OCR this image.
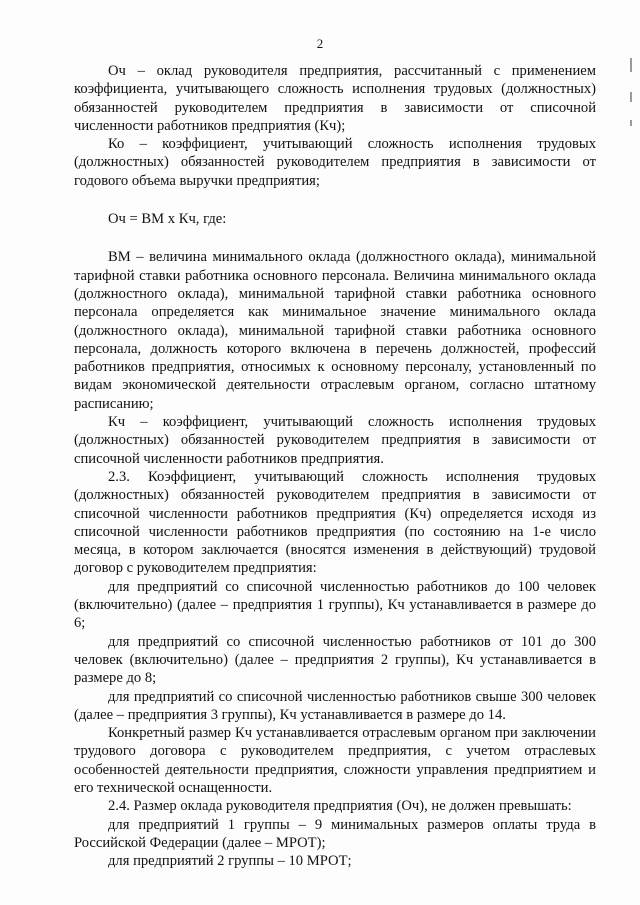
2

Оч – оклад руководителя предприятия, рассчитанный с применением коэффициента, учитывающего сложность исполнения трудовых (должностных) обязанностей руководителем предприятия в зависимости от списочной численности работников предприятия (Кч);

Ко – коэффициент, учитывающий сложность исполнения трудовых (должностных) обязанностей руководителем предприятия в зависимости от годового объема выручки предприятия;

Оч = ВМ х Кч, где:

ВМ – величина минимального оклада (должностного оклада), минимальной тарифной ставки работника основного персонала. Величина минимального оклада (должностного оклада), минимальной тарифной ставки работника основного персонала определяется как минимальное значение минимального оклада (должностного оклада), минимальной тарифной ставки работника основного персонала, должность которого включена в перечень должностей, профессий работников предприятия, относимых к основному персоналу, установленный по видам экономической деятельности отраслевым органом, согласно штатному расписанию;

Кч – коэффициент, учитывающий сложность исполнения трудовых (должностных) обязанностей руководителем предприятия в зависимости от списочной численности работников предприятия.

2.3. Коэффициент, учитывающий сложность исполнения трудовых (должностных) обязанностей руководителем предприятия в зависимости от списочной численности работников предприятия (Кч) определяется исходя из списочной численности работников предприятия (по состоянию на 1-е число месяца, в котором заключается (вносятся изменения в действующий) трудовой договор с руководителем предприятия:

для предприятий со списочной численностью работников до 100 человек (включительно) (далее – предприятия 1 группы), Кч устанавливается в размере до 6;

для предприятий со списочной численностью работников от 101 до 300 человек (включительно) (далее – предприятия 2 группы), Кч устанавливается в размере до 8;

для предприятий со списочной численностью работников свыше 300 человек (далее – предприятия 3 группы), Кч устанавливается в размере до 14.

Конкретный размер Кч устанавливается отраслевым органом при заключении трудового договора с руководителем предприятия, с учетом отраслевых особенностей деятельности предприятия, сложности управления предприятием и его технической оснащенности.

2.4. Размер оклада руководителя предприятия (Оч), не должен превышать:

для предприятий 1 группы – 9 минимальных размеров оплаты труда в Российской Федерации (далее – МРОТ);

для предприятий 2 группы – 10 МРОТ;
